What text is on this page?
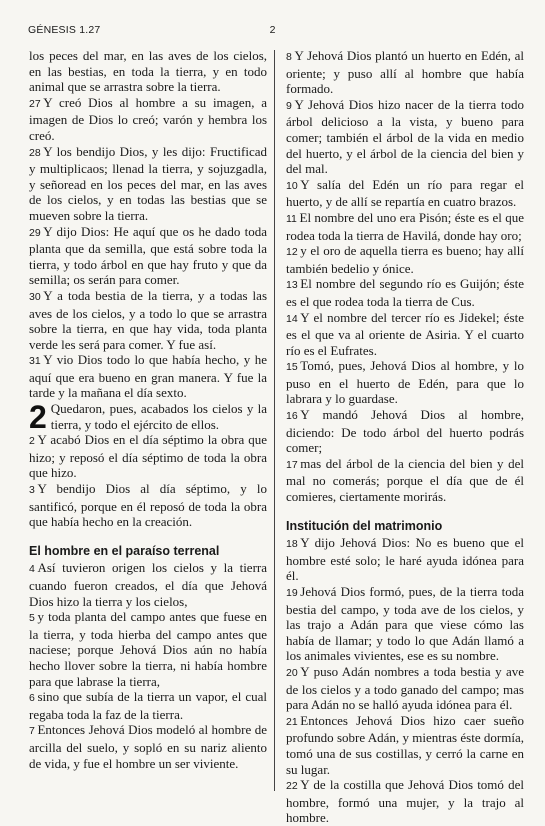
GÉNESIS 1.27	2

los peces del mar, en las aves de los cielos, en las bestias, en toda la tierra, y en todo animal que se arrastra sobre la tierra.

27  Y creó Dios al hombre a su imagen, a imagen de Dios lo creó; varón y hembra los creó.

28  Y los bendijo Dios, y les dijo: Fructificad y multiplicaos; llenad la tierra, y sojuzgadla, y señoread en los peces del mar, en las aves de los cielos, y en todas las bestias que se mueven sobre la tierra.

29  Y dijo Dios: He aquí que os he dado toda planta que da semilla, que está sobre toda la tierra, y todo árbol en que hay fruto y que da semilla; os serán para comer.

30  Y a toda bestia de la tierra, y a todas las aves de los cielos, y a todo lo que se arrastra sobre la tierra, en que hay vida, toda planta verde les será para comer. Y fue así.

31  Y vio Dios todo lo que había hecho, y he aquí que era bueno en gran manera. Y fue la tarde y la mañana el día sexto.

2 Quedaron, pues, acabados los cielos y la tierra, y todo el ejército de ellos.

2  Y acabó Dios en el día séptimo la obra que hizo; y reposó el día séptimo de toda la obra que hizo.

3  Y bendijo Dios al día séptimo, y lo santificó, porque en él reposó de toda la obra que había hecho en la creación.

El hombre en el paraíso terrenal

4  Así tuvieron origen los cielos y la tierra cuando fueron creados, el día que Jehová Dios hizo la tierra y los cielos,

5  y toda planta del campo antes que fuese en la tierra, y toda hierba del campo antes que naciese; porque Jehová Dios aún no había hecho llover sobre la tierra, ni había hombre para que labrase la tierra,

6  sino que subía de la tierra un vapor, el cual regaba toda la faz de la tierra.

7  Entonces Jehová Dios modeló al hombre de arcilla del suelo, y sopló en su nariz aliento de vida, y fue el hombre un ser viviente.

8  Y Jehová Dios plantó un huerto en Edén, al oriente; y puso allí al hombre que había formado.

9  Y Jehová Dios hizo nacer de la tierra todo árbol delicioso a la vista, y bueno para comer; también el árbol de la vida en medio del huerto, y el árbol de la ciencia del bien y del mal.

10  Y salía del Edén un río para regar el huerto, y de allí se repartía en cuatro brazos.

11  El nombre del uno era Pisón; éste es el que rodea toda la tierra de Havilá, donde hay oro;

12  y el oro de aquella tierra es bueno; hay allí también bedelio y ónice.

13  El nombre del segundo río es Guijón; éste es el que rodea toda la tierra de Cus.

14  Y el nombre del tercer río es Jidekel; éste es el que va al oriente de Asiria. Y el cuarto río es el Eufrates.

15  Tomó, pues, Jehová Dios al hombre, y lo puso en el huerto de Edén, para que lo labrara y lo guardase.

16  Y mandó Jehová Dios al hombre, diciendo: De todo árbol del huerto podrás comer;

17  mas del árbol de la ciencia del bien y del mal no comerás; porque el día que de él comieres, ciertamente morirás.

Institución del matrimonio

18  Y dijo Jehová Dios: No es bueno que el hombre esté solo; le haré ayuda idónea para él.

19  Jehová Dios formó, pues, de la tierra toda bestia del campo, y toda ave de los cielos, y las trajo a Adán para que viese cómo las había de llamar; y todo lo que Adán llamó a los animales vivientes, ese es su nombre.

20  Y puso Adán nombres a toda bestia y ave de los cielos y a todo ganado del campo; mas para Adán no se halló ayuda idónea para él.

21  Entonces Jehová Dios hizo caer sueño profundo sobre Adán, y mientras éste dormía, tomó una de sus costillas, y cerró la carne en su lugar.

22  Y de la costilla que Jehová Dios tomó del hombre, formó una mujer, y la trajo al hombre.
